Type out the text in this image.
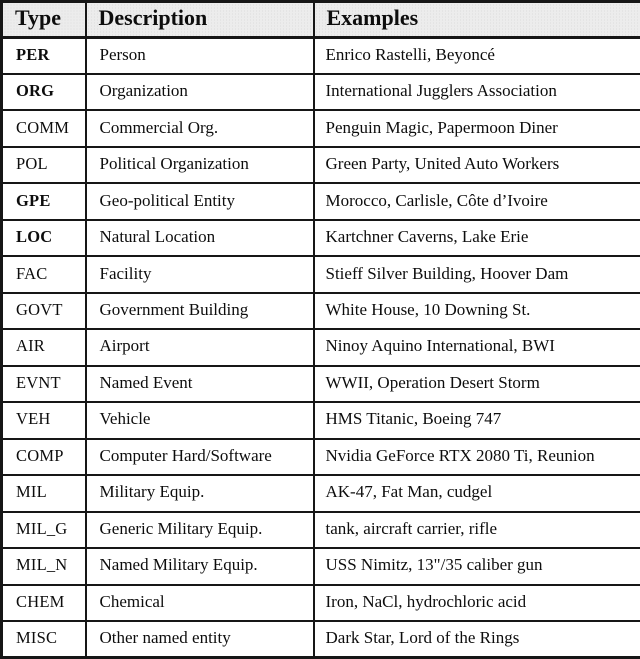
Type	Description	Examples
PER	Person	Enrico Rastelli, Beyoncé
ORG	Organization	International Jugglers Association
COMM	Commercial Org.	Penguin Magic, Papermoon Diner
POL	Political Organization	Green Party, United Auto Workers
GPE	Geo-political Entity	Morocco, Carlisle, Côte d’Ivoire
LOC	Natural Location	Kartchner Caverns, Lake Erie
FAC	Facility	Stieff Silver Building, Hoover Dam
GOVT	Government Building	White House, 10 Downing St.
AIR	Airport	Ninoy Aquino International, BWI
EVNT	Named Event	WWII, Operation Desert Storm
VEH	Vehicle	HMS Titanic, Boeing 747
COMP	Computer Hard/Software	Nvidia GeForce RTX 2080 Ti, Reunion
MIL	Military Equip.	AK-47, Fat Man, cudgel
MIL_G	Generic Military Equip.	tank, aircraft carrier, rifle
MIL_N	Named Military Equip.	USS Nimitz, 13"/35 caliber gun
CHEM	Chemical	Iron, NaCl, hydrochloric acid
MISC	Other named entity	Dark Star, Lord of the Rings
